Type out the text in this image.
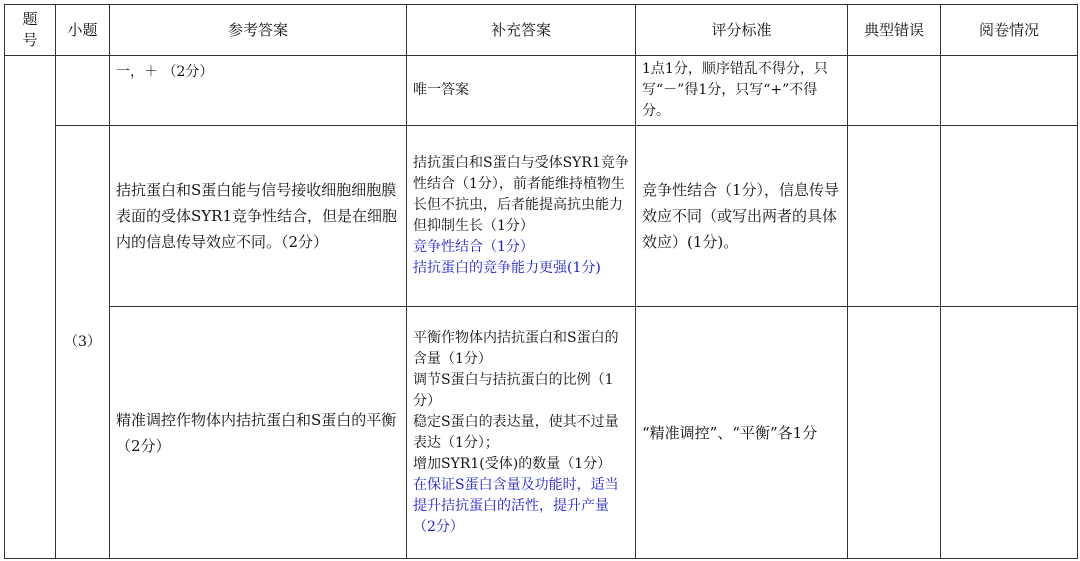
题
号	小题	参考答案	补充答案	评分标准	典型错误	阅卷情况
		一，＋ （2分）	唯一答案	1点1分，顺序错乱不得分，只写“－”得1分，只写“+”不得分。		
	（3）	拮抗蛋白和S蛋白能与信号接收细胞细胞膜表面的受体SYR1竞争性结合，但是在细胞内的信息传导效应不同。（2分）	拮抗蛋白和S蛋白与受体SYR1竞争性结合（1分），前者能维持植物生长但不抗虫，后者能提高抗虫能力但抑制生长（1分）
竞争性结合（1分）
拮抗蛋白的竞争能力更强(1分)	竞争性结合（1分），信息传导效应不同（或写出两者的具体效应）(1分)。		
		精准调控作物体内拮抗蛋白和S蛋白的平衡（2分）	平衡作物体内拮抗蛋白和S蛋白的含量（1分）
调节S蛋白与拮抗蛋白的比例（1分）
稳定S蛋白的表达量，使其不过量表达（1分）；
增加SYR1(受体)的数量（1分）
在保证S蛋白含量及功能时，适当提升拮抗蛋白的活性，提升产量（2分）	“精准调控”、“平衡”各1分		
